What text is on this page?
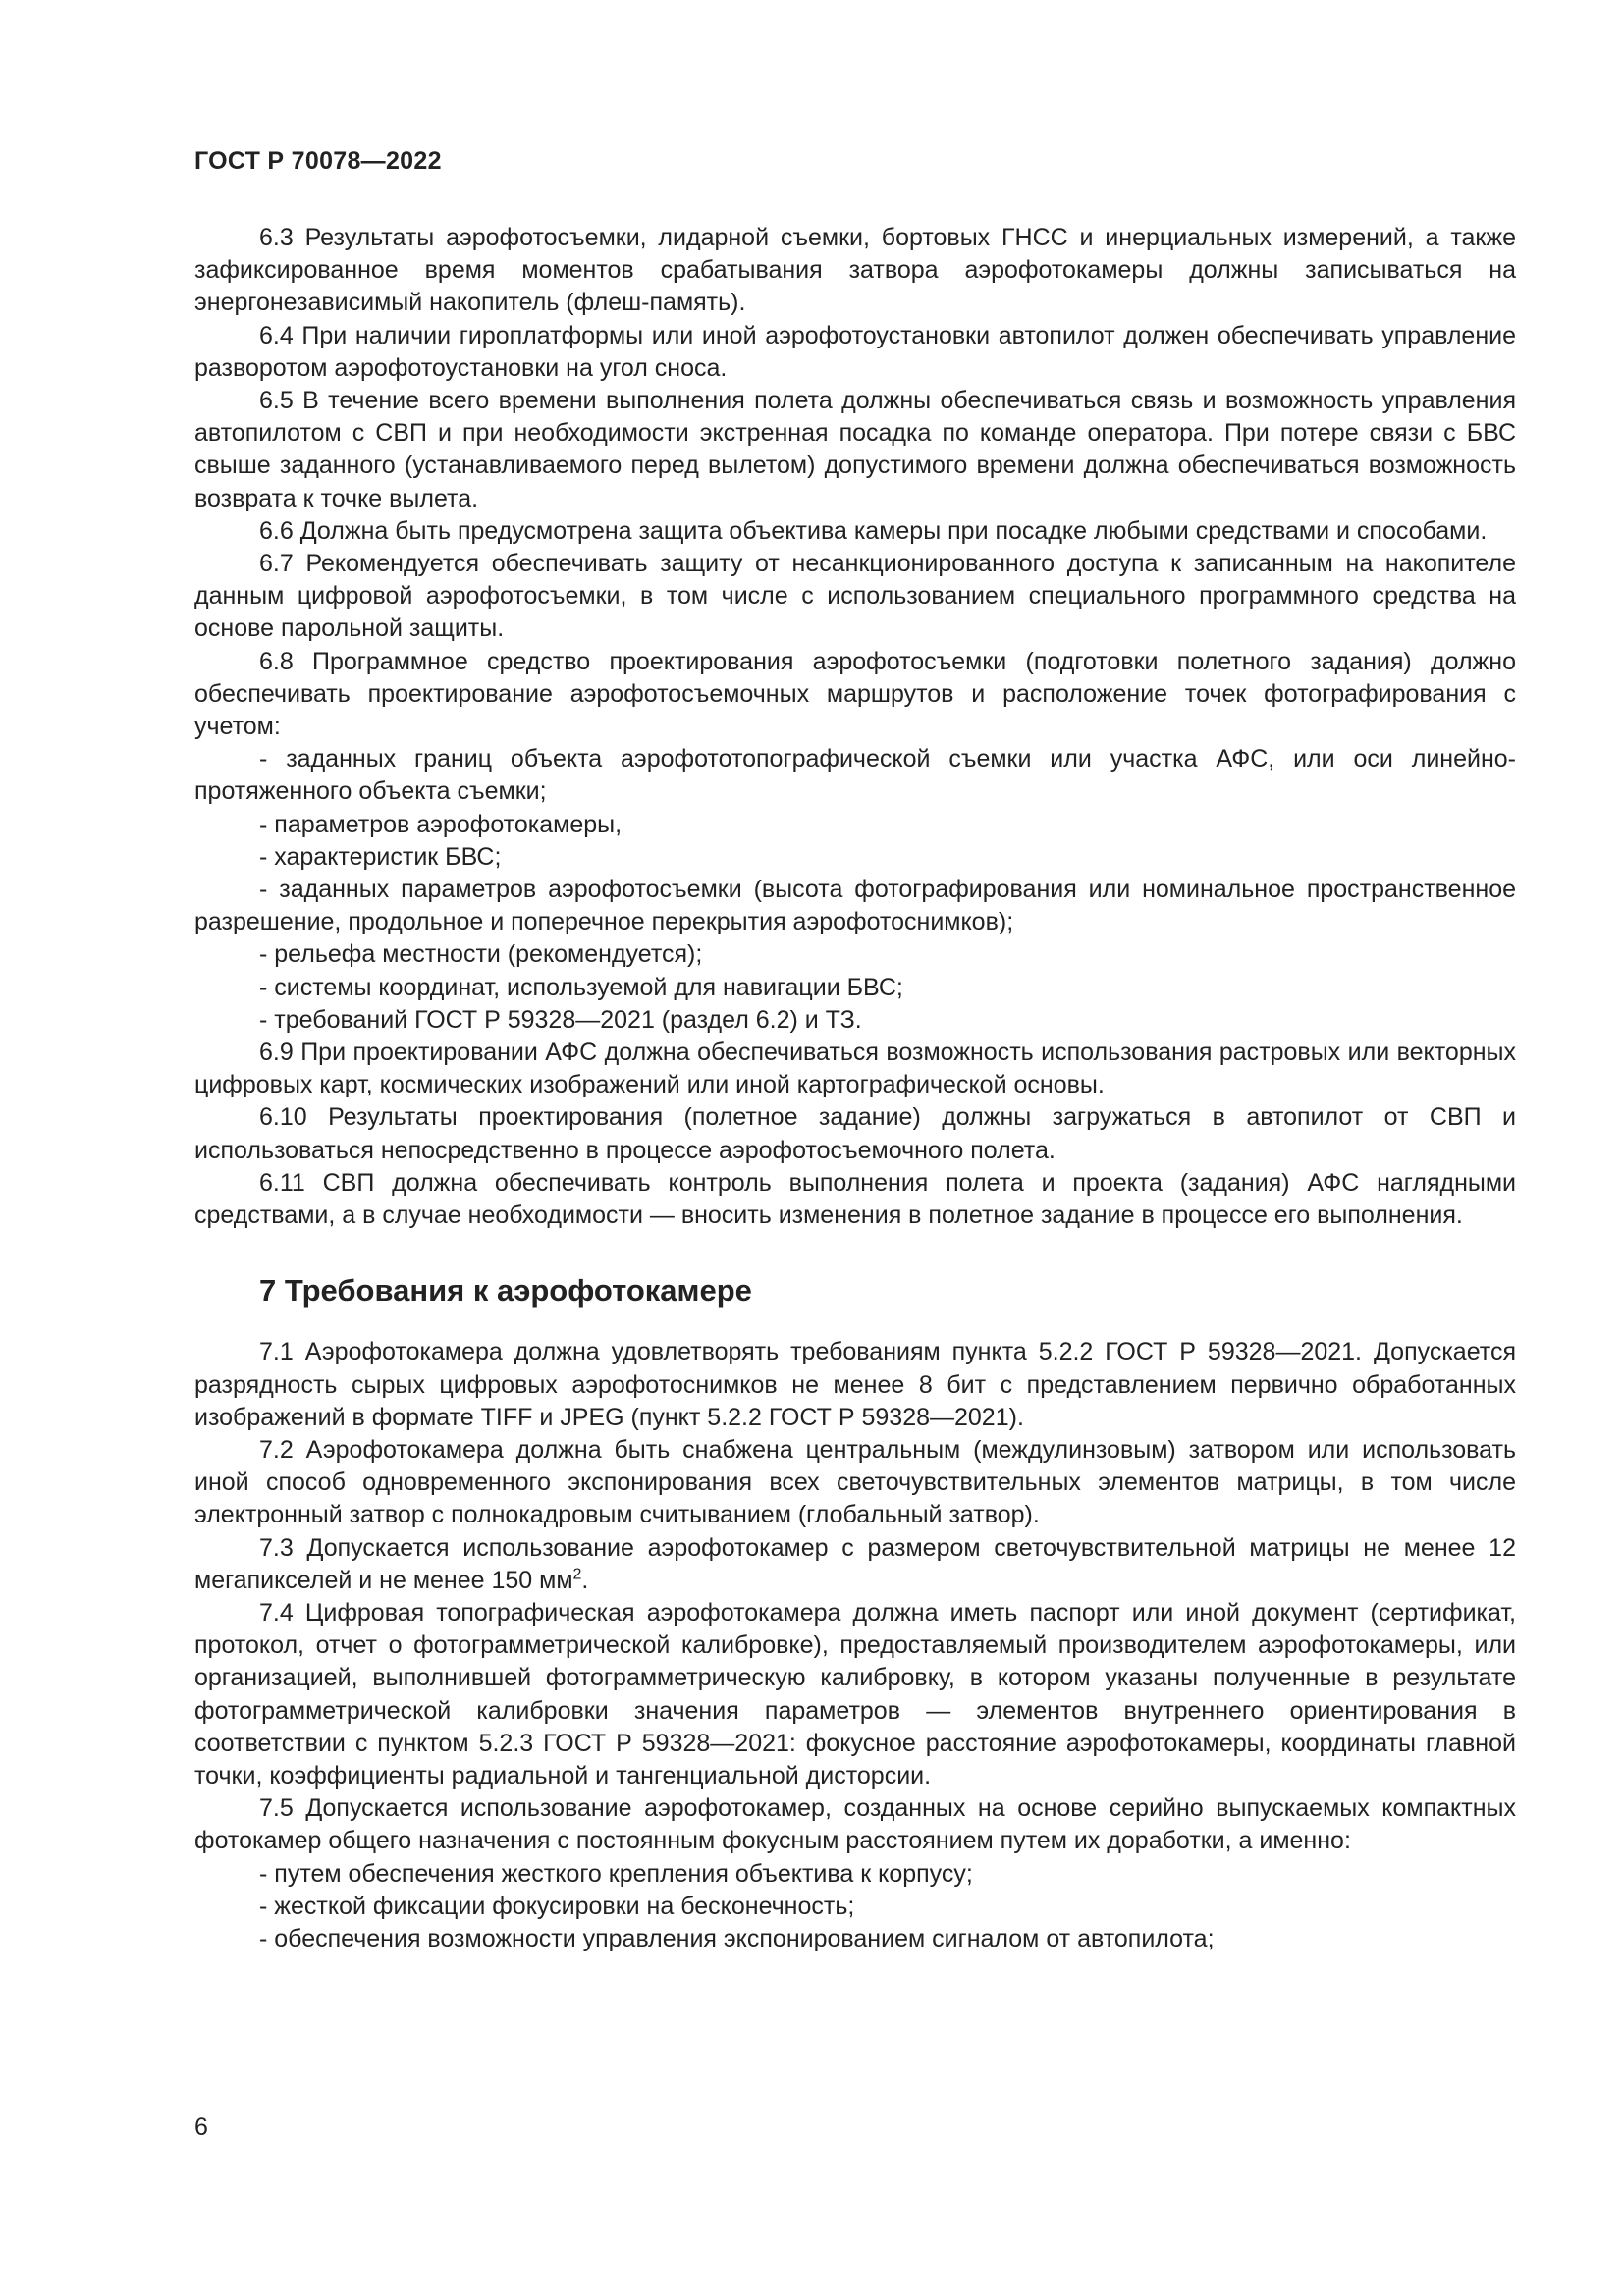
ГОСТ Р 70078—2022

6.3 Результаты аэрофотосъемки, лидарной съемки, бортовых ГНСС и инерциальных измерений, а также зафиксированное время моментов срабатывания затвора аэрофотокамеры должны записываться на энергонезависимый накопитель (флеш-память).

6.4 При наличии гироплатформы или иной аэрофотоустановки автопилот должен обеспечивать управление разворотом аэрофотоустановки на угол сноса.

6.5 В течение всего времени выполнения полета должны обеспечиваться связь и возможность управления автопилотом с СВП и при необходимости экстренная посадка по команде оператора. При потере связи с БВС свыше заданного (устанавливаемого перед вылетом) допустимого времени должна обеспечиваться возможность возврата к точке вылета.

6.6 Должна быть предусмотрена защита объектива камеры при посадке любыми средствами и способами.

6.7 Рекомендуется обеспечивать защиту от несанкционированного доступа к записанным на накопителе данным цифровой аэрофотосъемки, в том числе с использованием специального программного средства на основе парольной защиты.

6.8 Программное средство проектирования аэрофотосъемки (подготовки полетного задания) должно обеспечивать проектирование аэрофотосъемочных маршрутов и расположение точек фотографирования с учетом:

- заданных границ объекта аэрофототопографической съемки или участка АФС, или оси линейно-протяженного объекта съемки;
- параметров аэрофотокамеры,
- характеристик БВС;
- заданных параметров аэрофотосъемки (высота фотографирования или номинальное пространственное разрешение, продольное и поперечное перекрытия аэрофотоснимков);
- рельефа местности (рекомендуется);
- системы координат, используемой для навигации БВС;
- требований ГОСТ Р 59328—2021 (раздел 6.2) и ТЗ.

6.9 При проектировании АФС должна обеспечиваться возможность использования растровых или векторных цифровых карт, космических изображений или иной картографической основы.

6.10 Результаты проектирования (полетное задание) должны загружаться в автопилот от СВП и использоваться непосредственно в процессе аэрофотосъемочного полета.

6.11 СВП должна обеспечивать контроль выполнения полета и проекта (задания) АФС наглядными средствами, а в случае необходимости — вносить изменения в полетное задание в процессе его выполнения.

7 Требования к аэрофотокамере

7.1 Аэрофотокамера должна удовлетворять требованиям пункта 5.2.2 ГОСТ Р 59328—2021. Допускается разрядность сырых цифровых аэрофотоснимков не менее 8 бит с представлением первично обработанных изображений в формате TIFF и JPEG (пункт 5.2.2 ГОСТ Р 59328—2021).

7.2 Аэрофотокамера должна быть снабжена центральным (междулинзовым) затвором или использовать иной способ одновременного экспонирования всех светочувствительных элементов матрицы, в том числе электронный затвор с полнокадровым считыванием (глобальный затвор).

7.3 Допускается использование аэрофотокамер с размером светочувствительной матрицы не менее 12 мегапикселей и не менее 150 $мм^2$.

7.4 Цифровая топографическая аэрофотокамера должна иметь паспорт или иной документ (сертификат, протокол, отчет о фотограмметрической калибровке), предоставляемый производителем аэрофотокамеры, или организацией, выполнившей фотограмметрическую калибровку, в котором указаны полученные в результате фотограмметрической калибровки значения параметров — элементов внутреннего ориентирования в соответствии с пунктом 5.2.3 ГОСТ Р 59328—2021: фокусное расстояние аэрофотокамеры, координаты главной точки, коэффициенты радиальной и тангенциальной дисторсии.

7.5 Допускается использование аэрофотокамер, созданных на основе серийно выпускаемых компактных фотокамер общего назначения с постоянным фокусным расстоянием путем их доработки, а именно:

- путем обеспечения жесткого крепления объектива к корпусу;
- жесткой фиксации фокусировки на бесконечность;
- обеспечения возможности управления экспонированием сигналом от автопилота;
6
